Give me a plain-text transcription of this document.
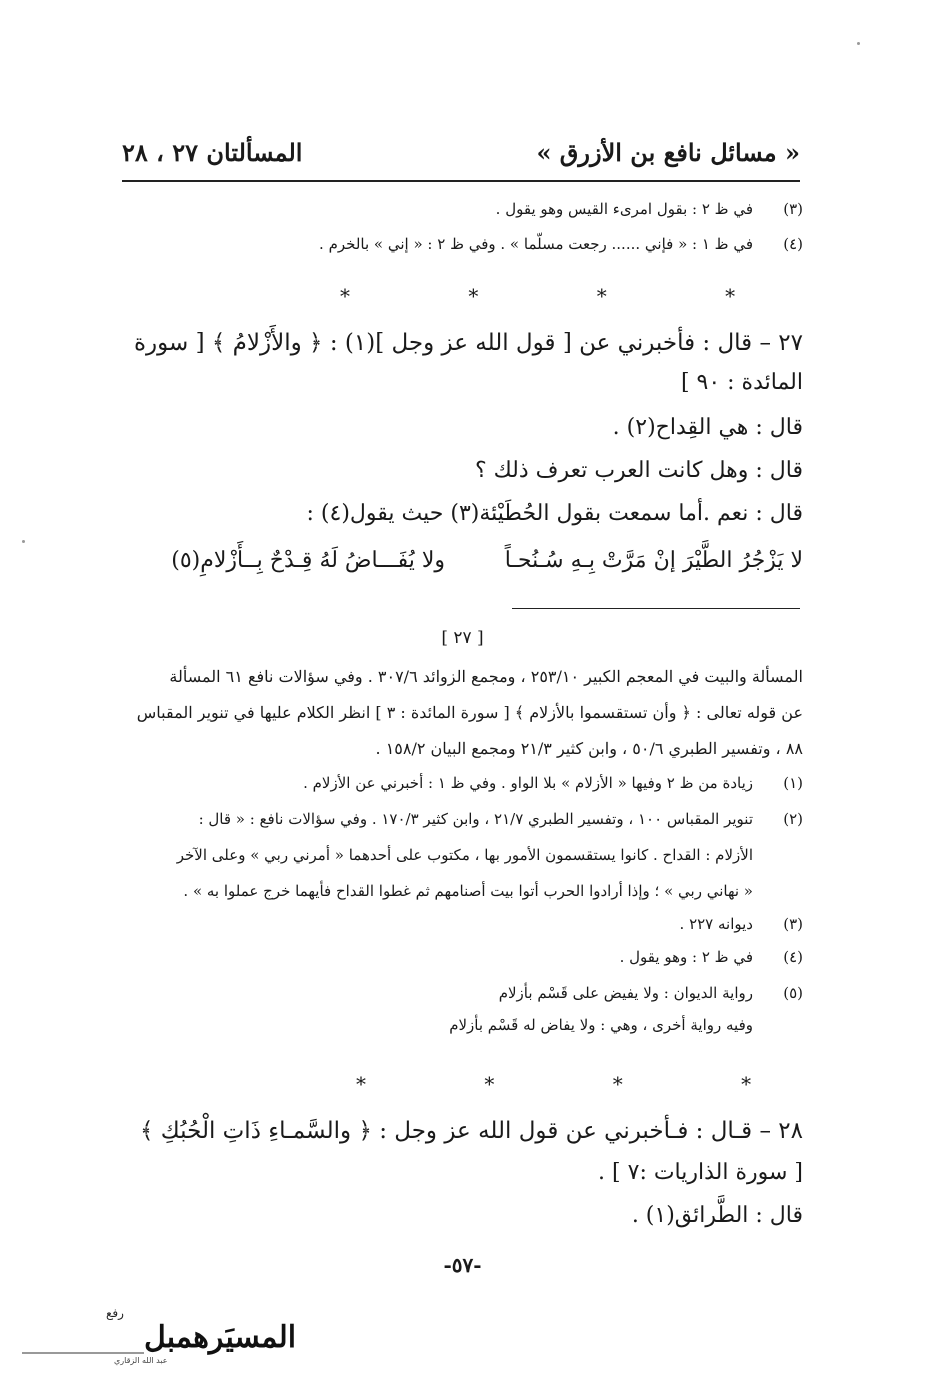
« مسائل نافع بن الأزرق »
المسألتان ٢٧ ، ٢٨
(٣)في ظ ٢ : بقول امرىء القيس وهو يقول .
(٤)في ظ ١ : « فإني ...... رجعت مسلّما » . وفي ظ ٢ : « إني » بالخرم .
* * * *
٢٧ – قال : فأخبرني عن [ قول الله عز وجل ](١) : ﴿ والأَزْلامُ ﴾ [ سورة
المائدة : ٩٠ ]
قال : هي القِداح(٢) .
قال : وهل كانت العرب تعرف ذلك ؟
قال : نعم .أما سمعت بقول الحُطَيْئة(٣) حيث يقول(٤) :
لا يَزْجُرُ الطَّيْرَ إنْ مَرَّتْ بِـهِ سُـنُحـاً
ولا يُفَـــاضُ لَهُ قِـدْحٌ بِــأَزْلامِ(٥)
[ ٢٧ ]
المسألة والبيت في المعجم الكبير ٢٥٣/١٠ ، ومجمع الزوائد ٣٠٧/٦ . وفي سؤالات نافع ٦١ المسألة
عن قوله تعالى : ﴿ وأن تستقسموا بالأزلام ﴾ [ سورة المائدة : ٣ ] انظر الكلام عليها في تنوير المقباس
٨٨ ، وتفسير الطبري ٥٠/٦ ، وابن كثير ٢١/٣ ومجمع البيان ١٥٨/٢ .
(١)زيادة من ظ ٢ وفيها « الأزلام » بلا الواو . وفي ظ ١ : أخبرني عن الأزلام .
(٢)تنوير المقباس ١٠٠ ، وتفسير الطبري ٢١/٧ ، وابن كثير ١٧٠/٣ . وفي سؤالات نافع : « قال :
الأزلام : القداح . كانوا يستقسمون الأمور بها ، مكتوب على أحدهما « أمرني ربي » وعلى الآخر
« نهاني ربي » ؛ وإذا أرادوا الحرب أتوا بيت أصنامهم ثم غطوا القداح فأيهما خرج عملوا به » .
(٣)ديوانه ٢٢٧ .
(٤)في ظ ٢ : وهو يقول .
(٥)رواية الديوان : ولا يفيض على قَسْم بأزلام
وفيه رواية أخرى ، وهي : ولا يفاض له قَسْم بأزلام
* * * *
٢٨ – قـال : فـأخبرني عن قول الله عز وجل : ﴿ والسَّمـاءِ ذَاتِ الْحُبُكِ ﴾
[ سورة الذاريات :٧ ] .
قال : الطَّرائق(١) .
-٥٧-
رفع
المسيَرهمبل
عبد الله الزقاري
